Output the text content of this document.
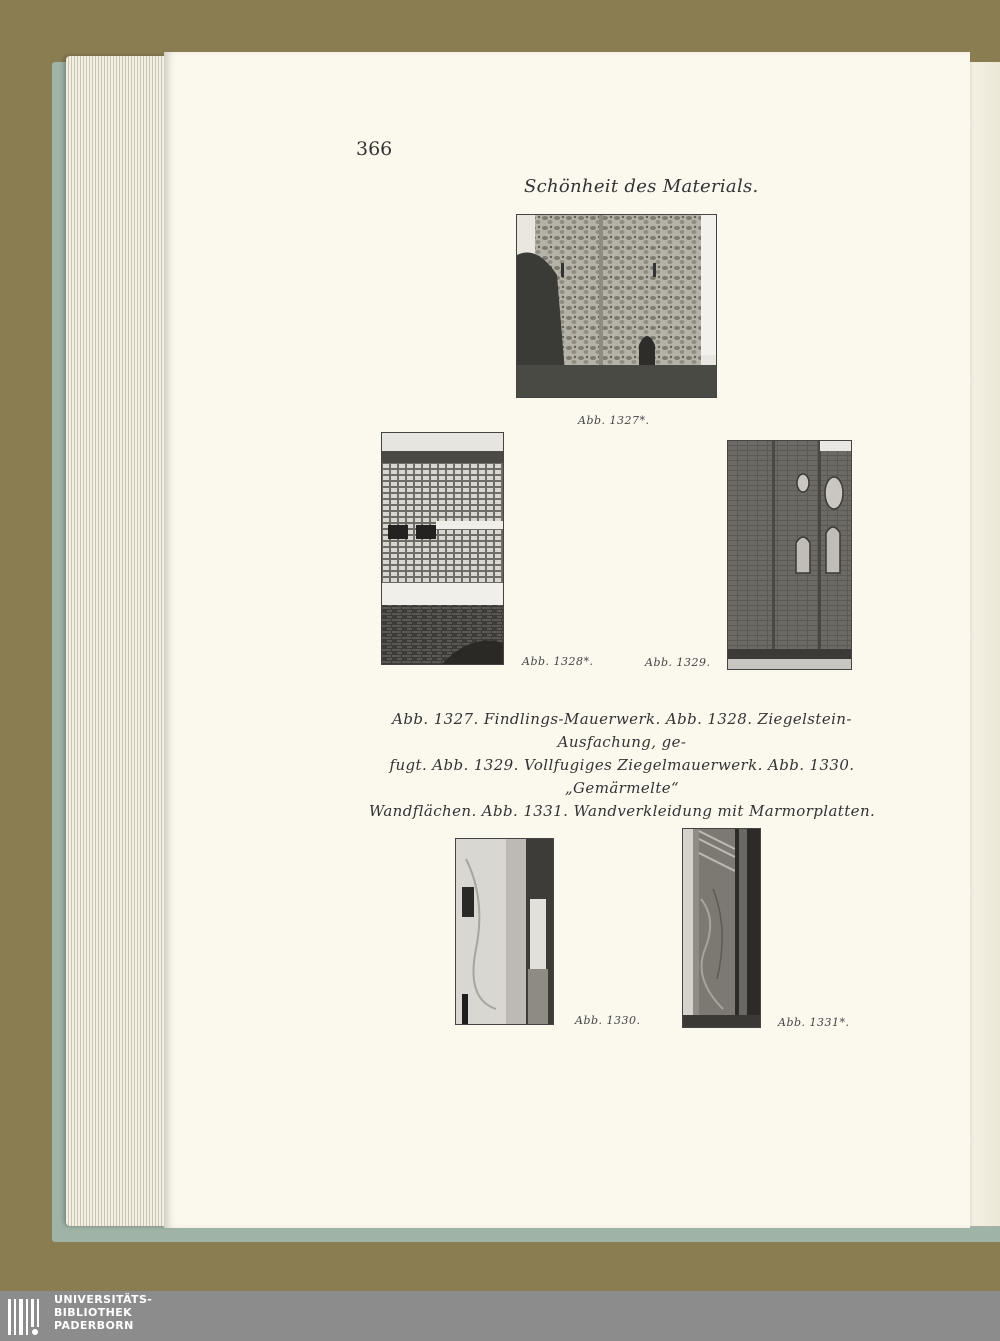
366
Schönheit des Materials.
Abb. 1327*.
Abb. 1328*.	Abb. 1329.
Abb. 1327. Findlings-Mauerwerk. Abb. 1328. Ziegelstein-Ausfachung, ge-
fugt. Abb. 1329. Vollfugiges Ziegelmauerwerk. Abb. 1330. „Gemärmelte“
Wandflächen. Abb. 1331. Wandverkleidung mit Marmorplatten.
Abb. 1330.	Abb. 1331*.
UNIVERSITÄTS-
BIBLIOTHEK
PADERBORN
